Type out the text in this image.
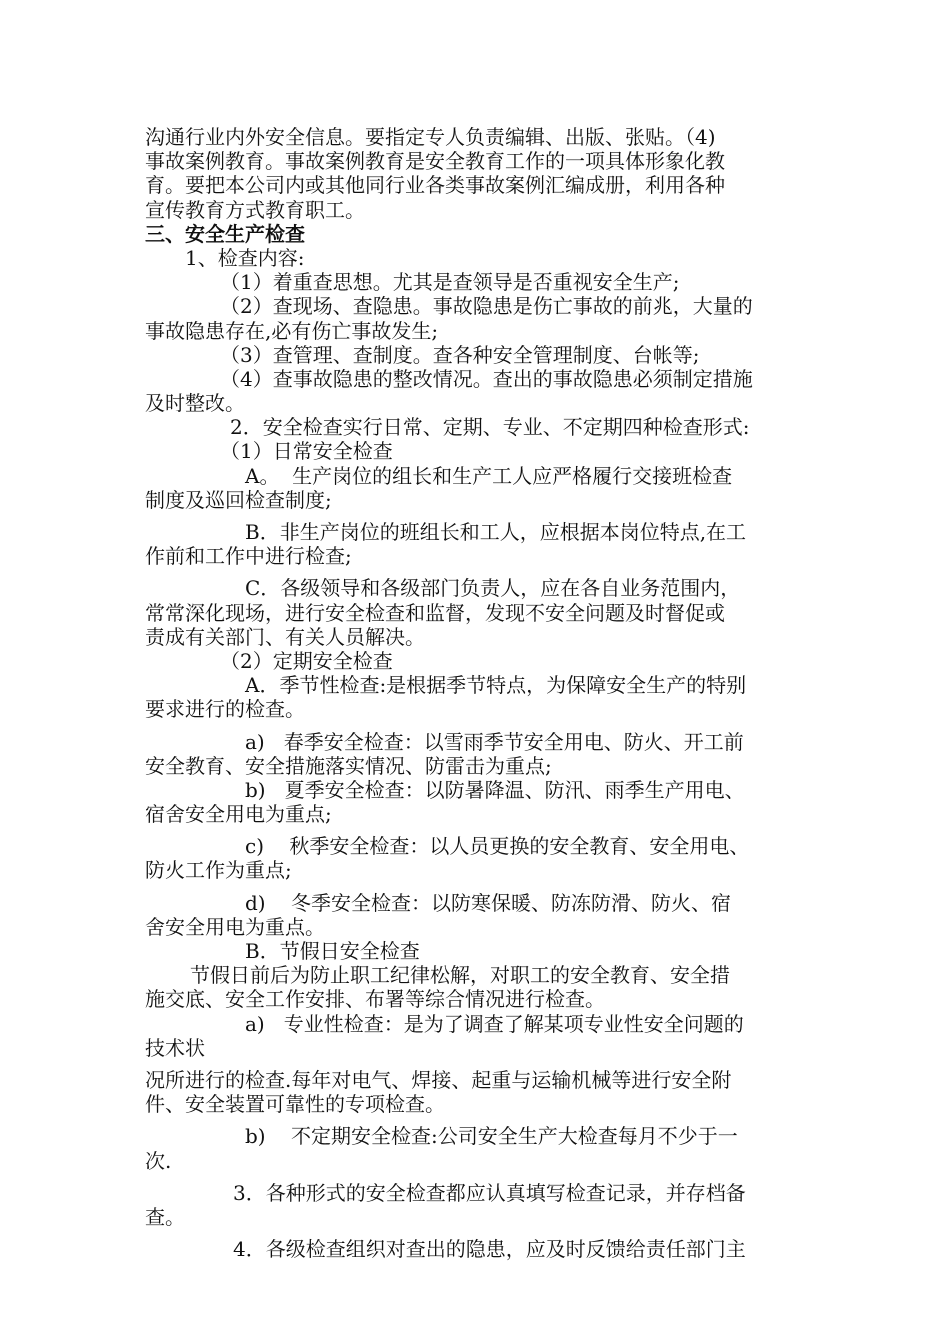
沟通行业内外安全信息。要指定专人负责编辑、出版、张贴。（4)
事故案例教育。事故案例教育是安全教育工作的一项具体形象化教
育。要把本公司内或其他同行业各类事故案例汇编成册，利用各种
宣传教育方式教育职工。
三、安全生产检查
1、检查内容:
（1）着重查思想。尤其是查领导是否重视安全生产;
（2）查现场、查隐患。事故隐患是伤亡事故的前兆，大量的
事故隐患存在,必有伤亡事故发生;
（3）查管理、查制度。查各种安全管理制度、台帐等;
（4）查事故隐患的整改情况。查出的事故隐患必须制定措施
及时整改。
2．安全检查实行日常、定期、专业、不定期四种检查形式:
（1）日常安全检查
A。  生产岗位的组长和生产工人应严格履行交接班检查
制度及巡回检查制度;
B．非生产岗位的班组长和工人，应根据本岗位特点,在工
作前和工作中进行检查;
C．各级领导和各级部门负责人，应在各自业务范围内，
常常深化现场，进行安全检查和监督，发现不安全问题及时督促或
责成有关部门、有关人员解决。
（2）定期安全检查
A．季节性检查:是根据季节特点，为保障安全生产的特别
要求进行的检查。
a)   春季安全检查：以雪雨季节安全用电、防火、开工前
安全教育、安全措施落实情况、防雷击为重点;
b)   夏季安全检查：以防暑降温、防汛、雨季生产用电、
宿舍安全用电为重点;
c)    秋季安全检查：以人员更换的安全教育、安全用电、
防火工作为重点;
d)    冬季安全检查：以防寒保暖、防冻防滑、防火、宿
舍安全用电为重点。
B．节假日安全检查
节假日前后为防止职工纪律松解，对职工的安全教育、安全措
施交底、安全工作安排、布署等综合情况进行检查。
a)   专业性检查：是为了调查了解某项专业性安全问题的
技术状
况所进行的检查.每年对电气、焊接、起重与运输机械等进行安全附
件、安全装置可靠性的专项检查。
b)    不定期安全检查:公司安全生产大检查每月不少于一
次.
3．各种形式的安全检查都应认真填写检查记录，并存档备
查。
4．各级检查组织对查出的隐患，应及时反馈给责任部门主
